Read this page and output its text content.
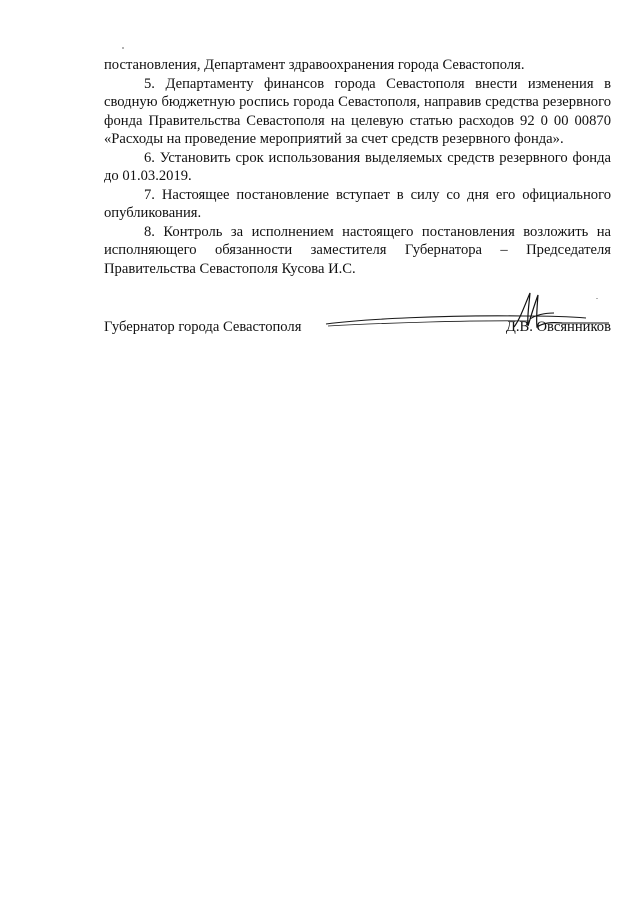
постановления, Департамент здравоохранения города Севастополя.

5. Департаменту финансов города Севастополя внести изменения в сводную бюджетную роспись города Севастополя, направив средства резервного фонда Правительства Севастополя на целевую статью расходов 92 0 00 00870 «Расходы на проведение мероприятий за счет средств резервного фонда».

6. Установить срок использования выделяемых средств резервного фонда до 01.03.2019.

7. Настоящее постановление вступает в силу со дня его официального опубликования.

8. Контроль за исполнением настоящего постановления возложить на исполняющего обязанности заместителя Губернатора – Председателя Правительства Севастополя Кусова И.С.

Губернатор города Севастополя	Д.В. Овсянников
